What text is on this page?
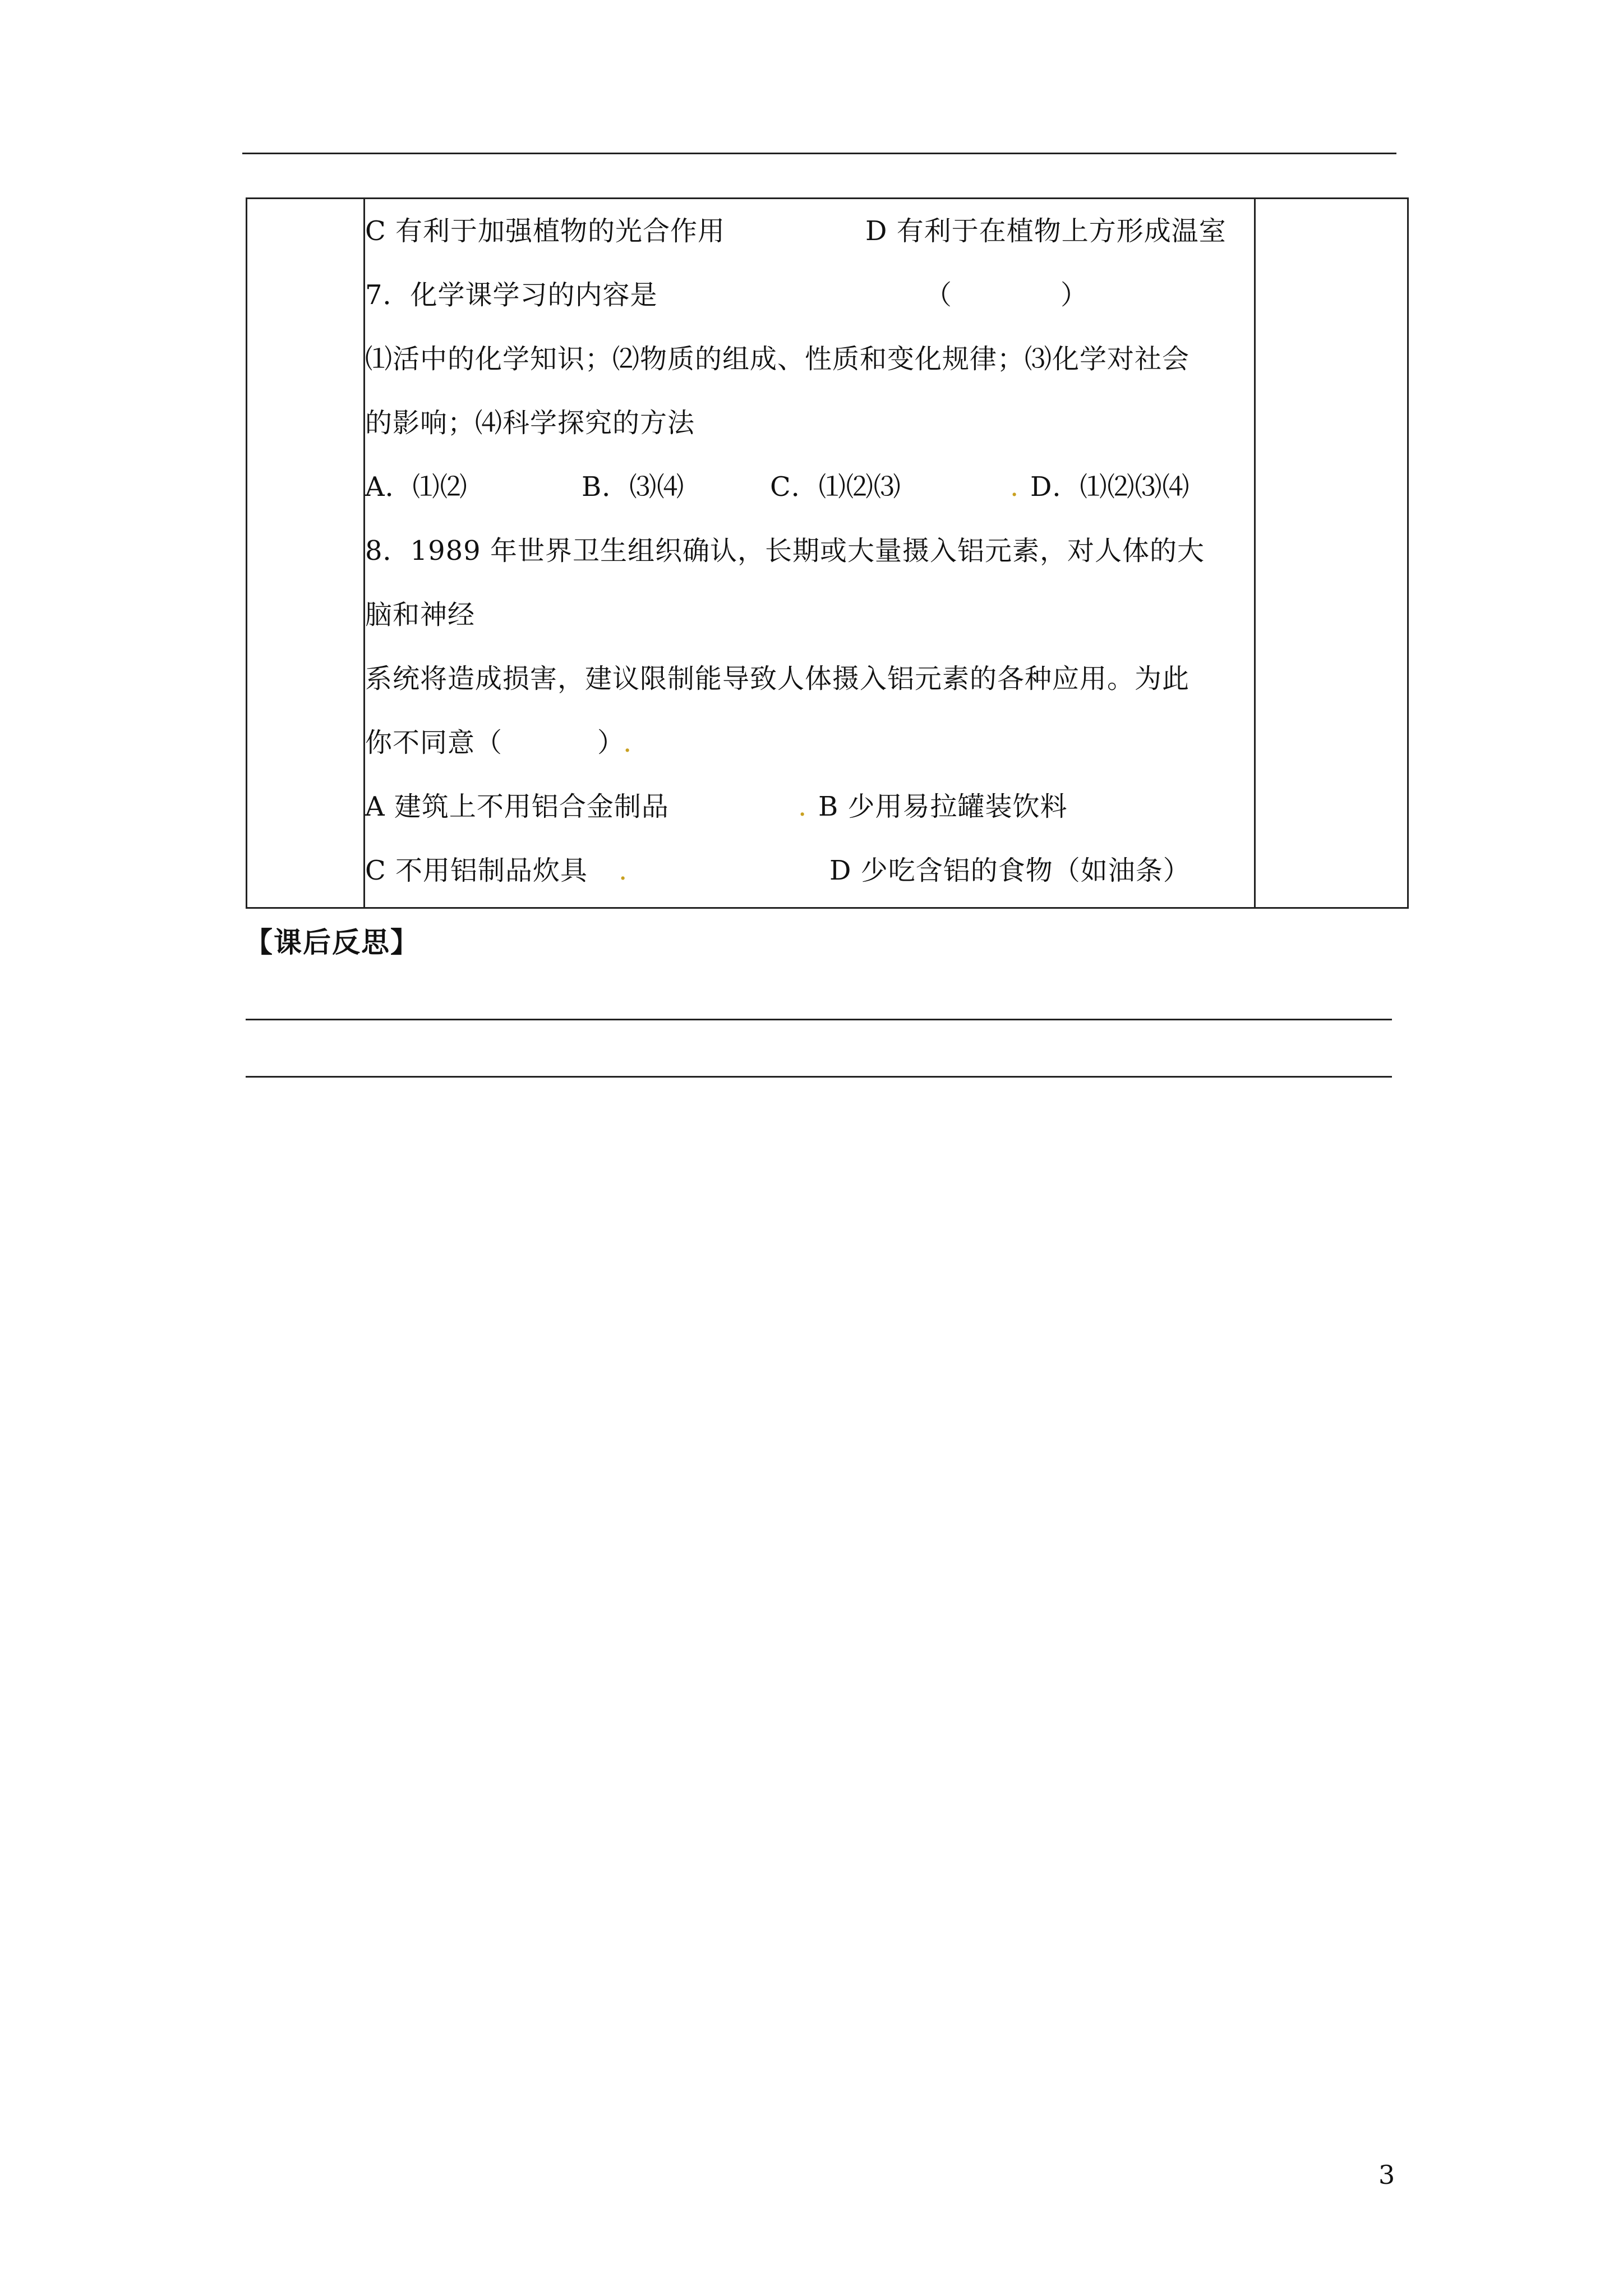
C 有利于加强植物的光合作用	D 有利于在植物上方形成温室
7．化学课学习的内容是	（	）
⑴活中的化学知识；⑵物质的组成、性质和变化规律；⑶化学对社会
的影响；⑷科学探究的方法
A．⑴⑵	B．⑶⑷	C．⑴⑵⑶	. D．⑴⑵⑶⑷
8．1989 年世界卫生组织确认，长期或大量摄入铝元素，对人体的大
脑和神经
系统将造成损害，建议限制能导致人体摄入铝元素的各种应用。为此
你不同意（	）
.
A 建筑上不用铝合金制品	. B 少用易拉罐装饮料
C 不用铝制品炊具 .	D 少吃含铝的食物（如油条）

【课后反思】
3
